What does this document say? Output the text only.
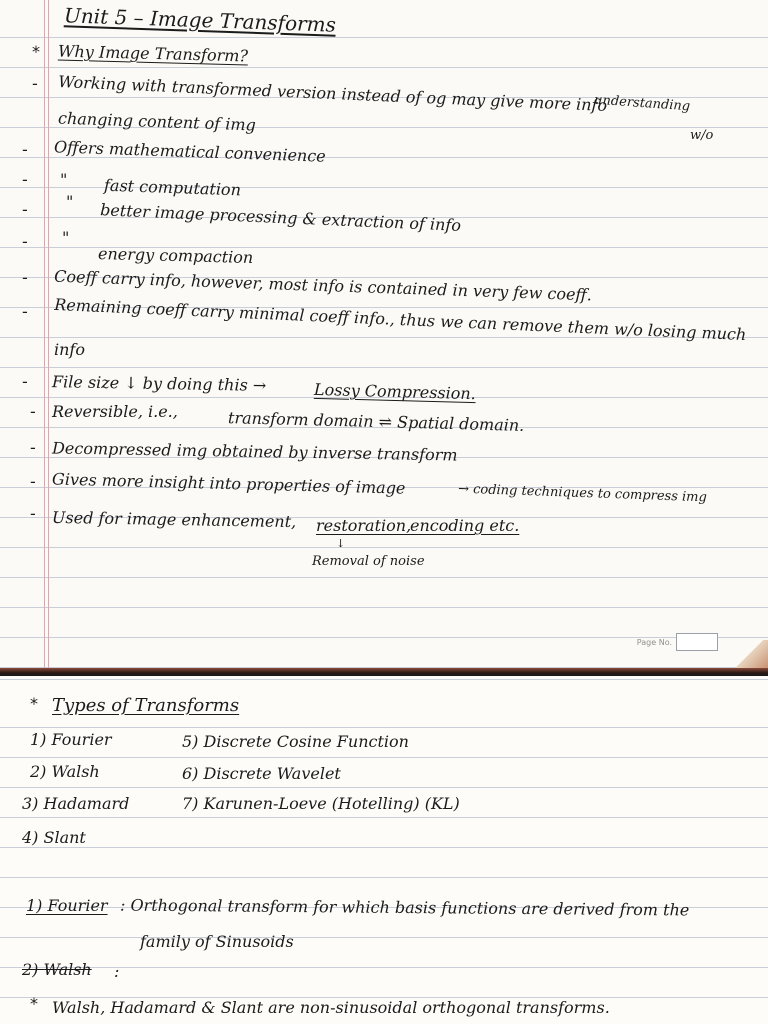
Unit 5 – Image Transforms
* Why Image Transform?
understanding
w/o
- Working with transformed version instead of og may give more info
changing content of img
- Offers mathematical convenience
- " fast computation
- " better image processing & extraction of info
- "
energy compaction
- Coeff carry info, however, most info is contained in very few coeff.
- Remaining coeff carry minimal coeff info., thus we can remove them w/o losing much
info
- File size ↓ by doing this →	Lossy Compression.
- Reversible, i.e.,	transform domain ⇌ Spatial domain.
- Decompressed img obtained by inverse transform
- Gives more insight into properties of image	→ coding techniques to compress img
- Used for image enhancement, restoration,
encoding etc.
↓
Removal of noise
Page No.
* Types of Transforms
1) Fourier
2) Walsh
3) Hadamard
4) Slant
5) Discrete Cosine Function
6) Discrete Wavelet
7) Karunen-Loeve (Hotelling) (KL)
1) Fourier : Orthogonal transform for which basis functions are derived from the
family of Sinusoids
2) Walsh :
* Walsh, Hadamard & Slant are non-sinusoidal orthogonal transforms.
